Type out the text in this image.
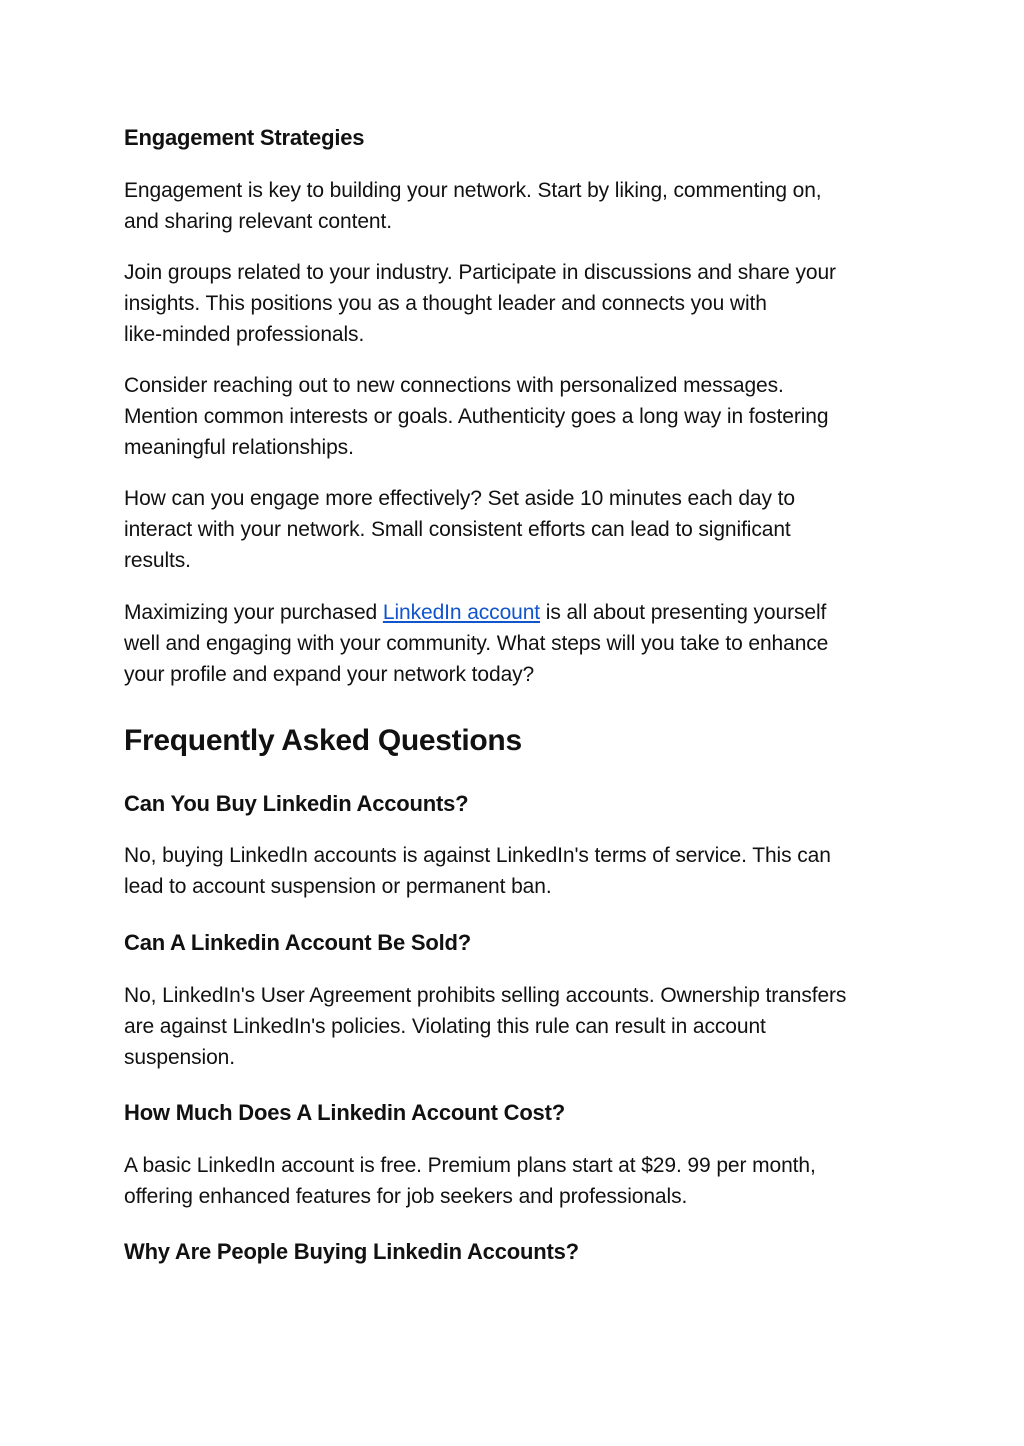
Engagement Strategies

Engagement is key to building your network. Start by liking, commenting on,
and sharing relevant content.

Join groups related to your industry. Participate in discussions and share your
insights. This positions you as a thought leader and connects you with
like-minded professionals.

Consider reaching out to new connections with personalized messages.
Mention common interests or goals. Authenticity goes a long way in fostering
meaningful relationships.

How can you engage more effectively? Set aside 10 minutes each day to
interact with your network. Small consistent efforts can lead to significant
results.

Maximizing your purchased LinkedIn account is all about presenting yourself
well and engaging with your community. What steps will you take to enhance
your profile and expand your network today?

Frequently Asked Questions
Can You Buy Linkedin Accounts?

No, buying LinkedIn accounts is against LinkedIn's terms of service. This can
lead to account suspension or permanent ban.

Can A Linkedin Account Be Sold?

No, LinkedIn's User Agreement prohibits selling accounts. Ownership transfers
are against LinkedIn's policies. Violating this rule can result in account
suspension.

How Much Does A Linkedin Account Cost?

A basic LinkedIn account is free. Premium plans start at $29. 99 per month,
offering enhanced features for job seekers and professionals.

Why Are People Buying Linkedin Accounts?
